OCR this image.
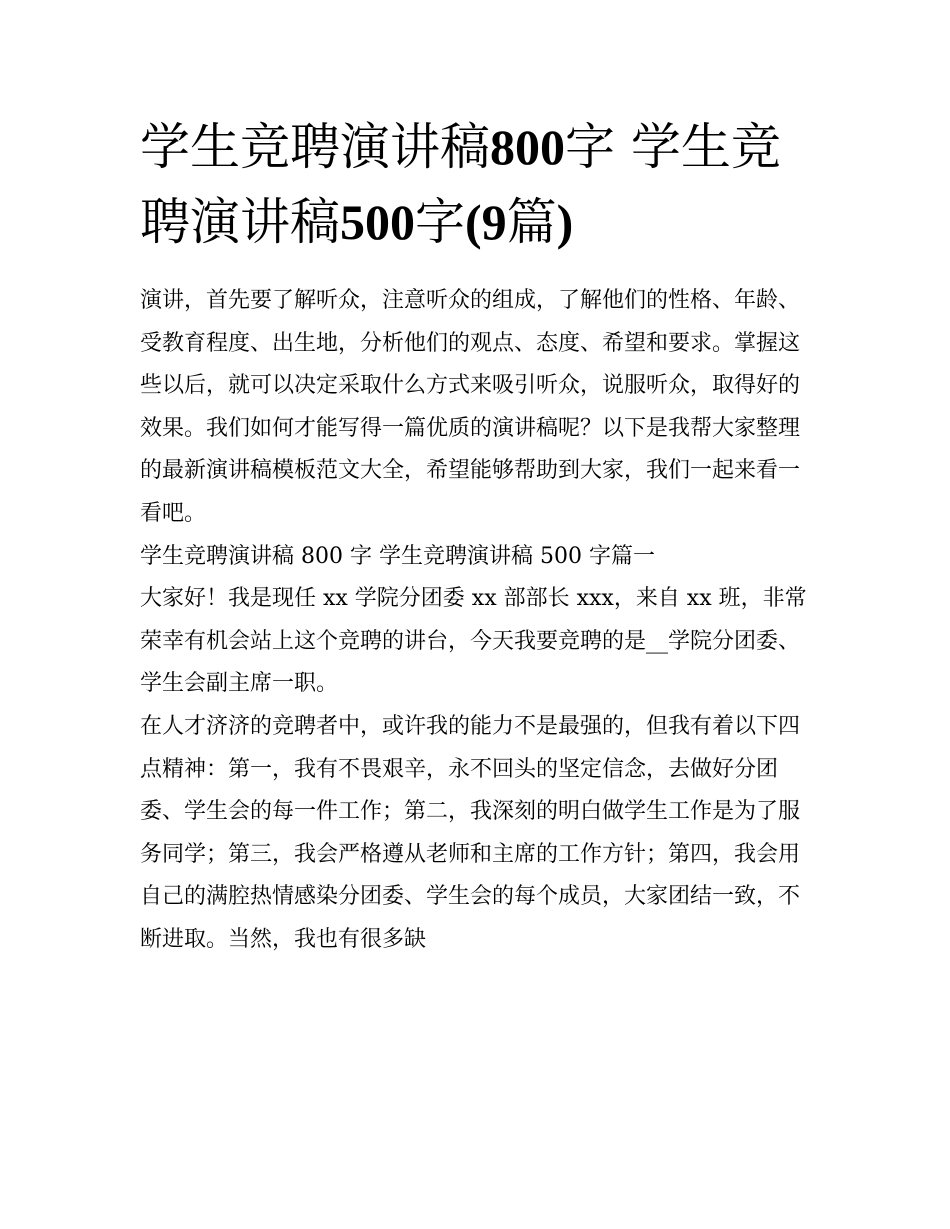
学生竞聘演讲稿800字 学生竞
聘演讲稿500字(9篇)

演讲，首先要了解听众，注意听众的组成，了解他们的性格、年龄、受教育程度、出生地，分析他们的观点、态度、希望和要求。掌握这些以后，就可以决定采取什么方式来吸引听众，说服听众，取得好的效果。我们如何才能写得一篇优质的演讲稿呢？以下是我帮大家整理的最新演讲稿模板范文大全，希望能够帮助到大家，我们一起来看一看吧。

学生竞聘演讲稿 800 字 学生竞聘演讲稿 500 字篇一

大家好！我是现任 xx 学院分团委 xx 部部长 xxx，来自 xx 班，非常荣幸有机会站上这个竞聘的讲台，今天我要竞聘的是__学院分团委、学生会副主席一职。

在人才济济的竞聘者中，或许我的能力不是最强的，但我有着以下四点精神：第一，我有不畏艰辛，永不回头的坚定信念，去做好分团委、学生会的每一件工作；第二，我深刻的明白做学生工作是为了服务同学；第三，我会严格遵从老师和主席的工作方针；第四，我会用自己的满腔热情感染分团委、学生会的每个成员，大家团结一致，不断进取。当然，我也有很多缺
